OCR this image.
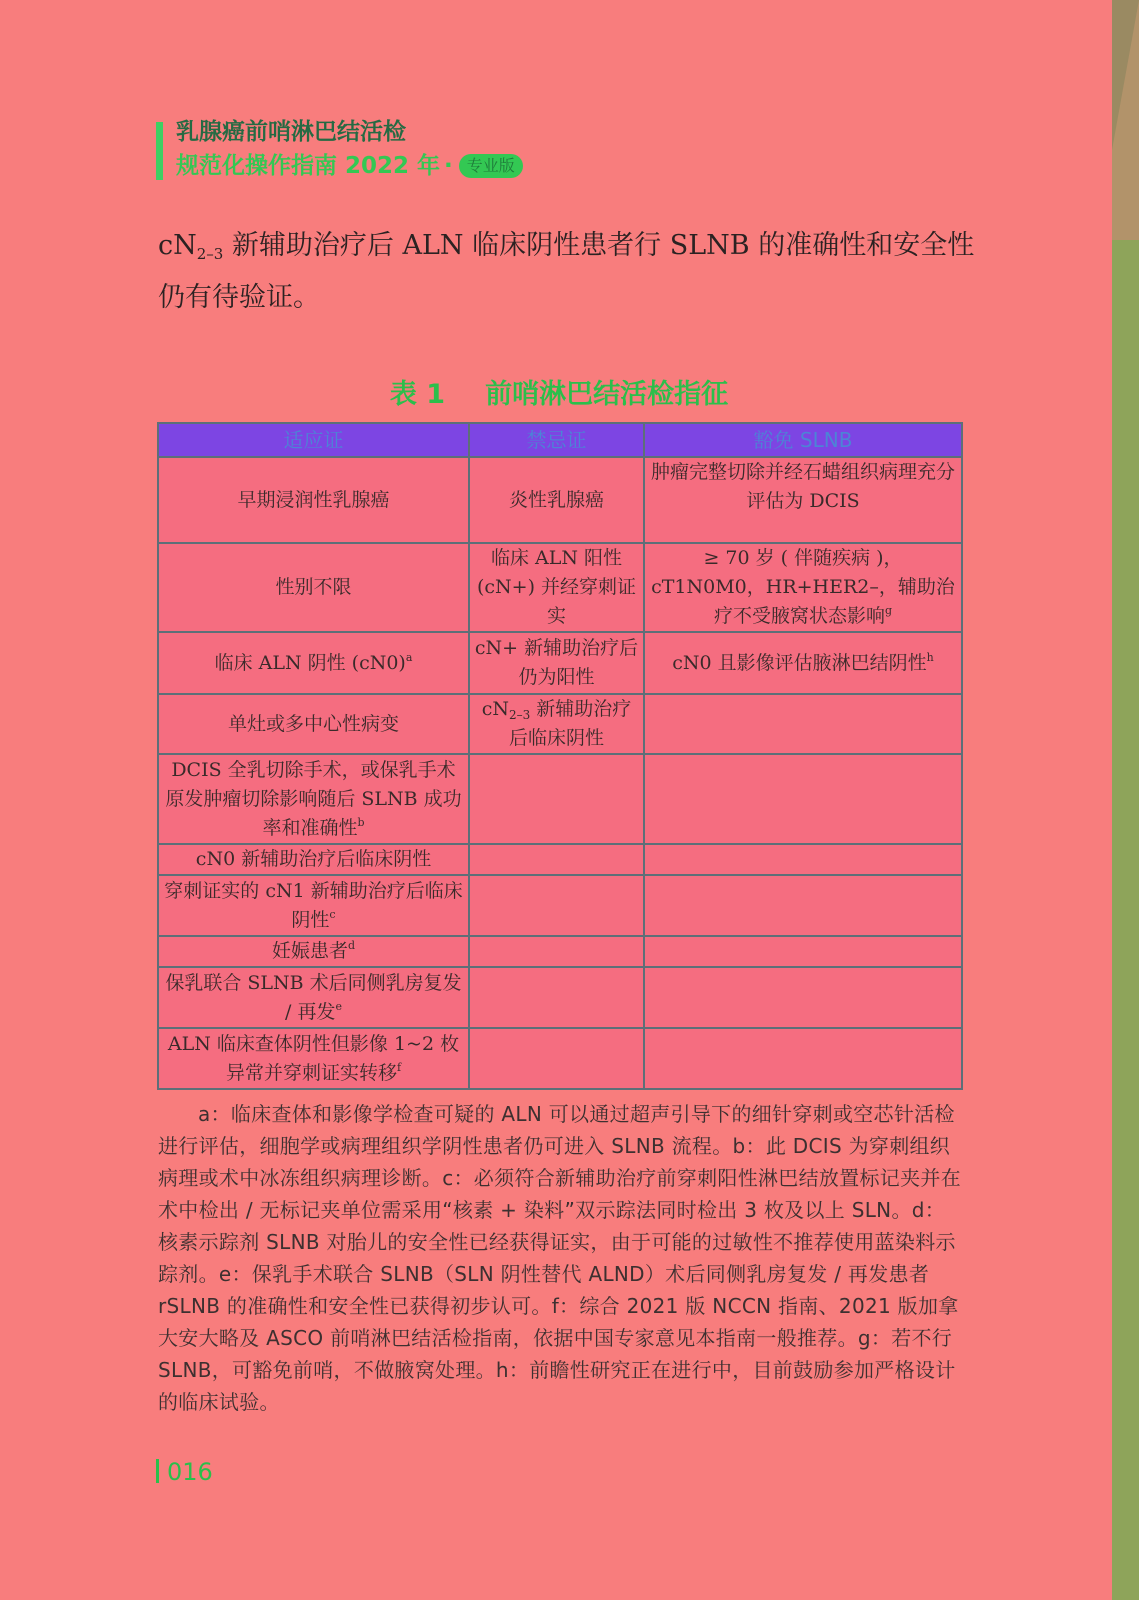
乳腺癌前哨淋巴结活检
规范化操作指南 2022 年 · 专业版
$cN_{2-3}$ 新辅助治疗后 ALN 临床阴性患者行 SLNB 的准确性和安全性仍有待验证。
表 1 前哨淋巴结活检指征
适应证	禁忌证	豁免 SLNB
早期浸润性乳腺癌	炎性乳腺癌	肿瘤完整切除并经石蜡组织病理充分评估为 DCIS
性别不限	临床 ALN 阳性 (cN+) 并经穿刺证实	≥ 70 岁 ( 伴随疾病 )，cT1N0M0，HR+HER2–，辅助治疗不受腋窝状态影响$^g$
临床 ALN 阴性 (cN0)$^a$	cN+ 新辅助治疗后仍为阳性	cN0 且影像评估腋淋巴结阴性$^h$
单灶或多中心性病变	$cN_{2-3}$ 新辅助治疗后临床阴性	
DCIS 全乳切除手术，或保乳手术原发肿瘤切除影响随后 SLNB 成功率和准确性$^b$		
cN0 新辅助治疗后临床阴性		
穿刺证实的 cN1 新辅助治疗后临床阴性$^c$		
妊娠患者$^d$		
保乳联合 SLNB 术后同侧乳房复发 / 再发$^e$		
ALN 临床查体阴性但影像 1~2 枚异常并穿刺证实转移$^f$		

a：临床查体和影像学检查可疑的 ALN 可以通过超声引导下的细针穿刺或空芯针活检进行评估，细胞学或病理组织学阴性患者仍可进入 SLNB 流程。b：此 DCIS 为穿刺组织病理或术中冰冻组织病理诊断。c：必须符合新辅助治疗前穿刺阳性淋巴结放置标记夹并在术中检出 / 无标记夹单位需采用“核素 + 染料”双示踪法同时检出 3 枚及以上 SLN。d：核素示踪剂 SLNB 对胎儿的安全性已经获得证实，由于可能的过敏性不推荐使用蓝染料示踪剂。e：保乳手术联合 SLNB（SLN 阴性替代 ALND）术后同侧乳房复发 / 再发患者 rSLNB 的准确性和安全性已获得初步认可。f：综合 2021 版 NCCN 指南、2021 版加拿大安大略及 ASCO 前哨淋巴结活检指南，依据中国专家意见本指南一般推荐。g：若不行 SLNB，可豁免前哨，不做腋窝处理。h：前瞻性研究正在进行中，目前鼓励参加严格设计的临床试验。

016
